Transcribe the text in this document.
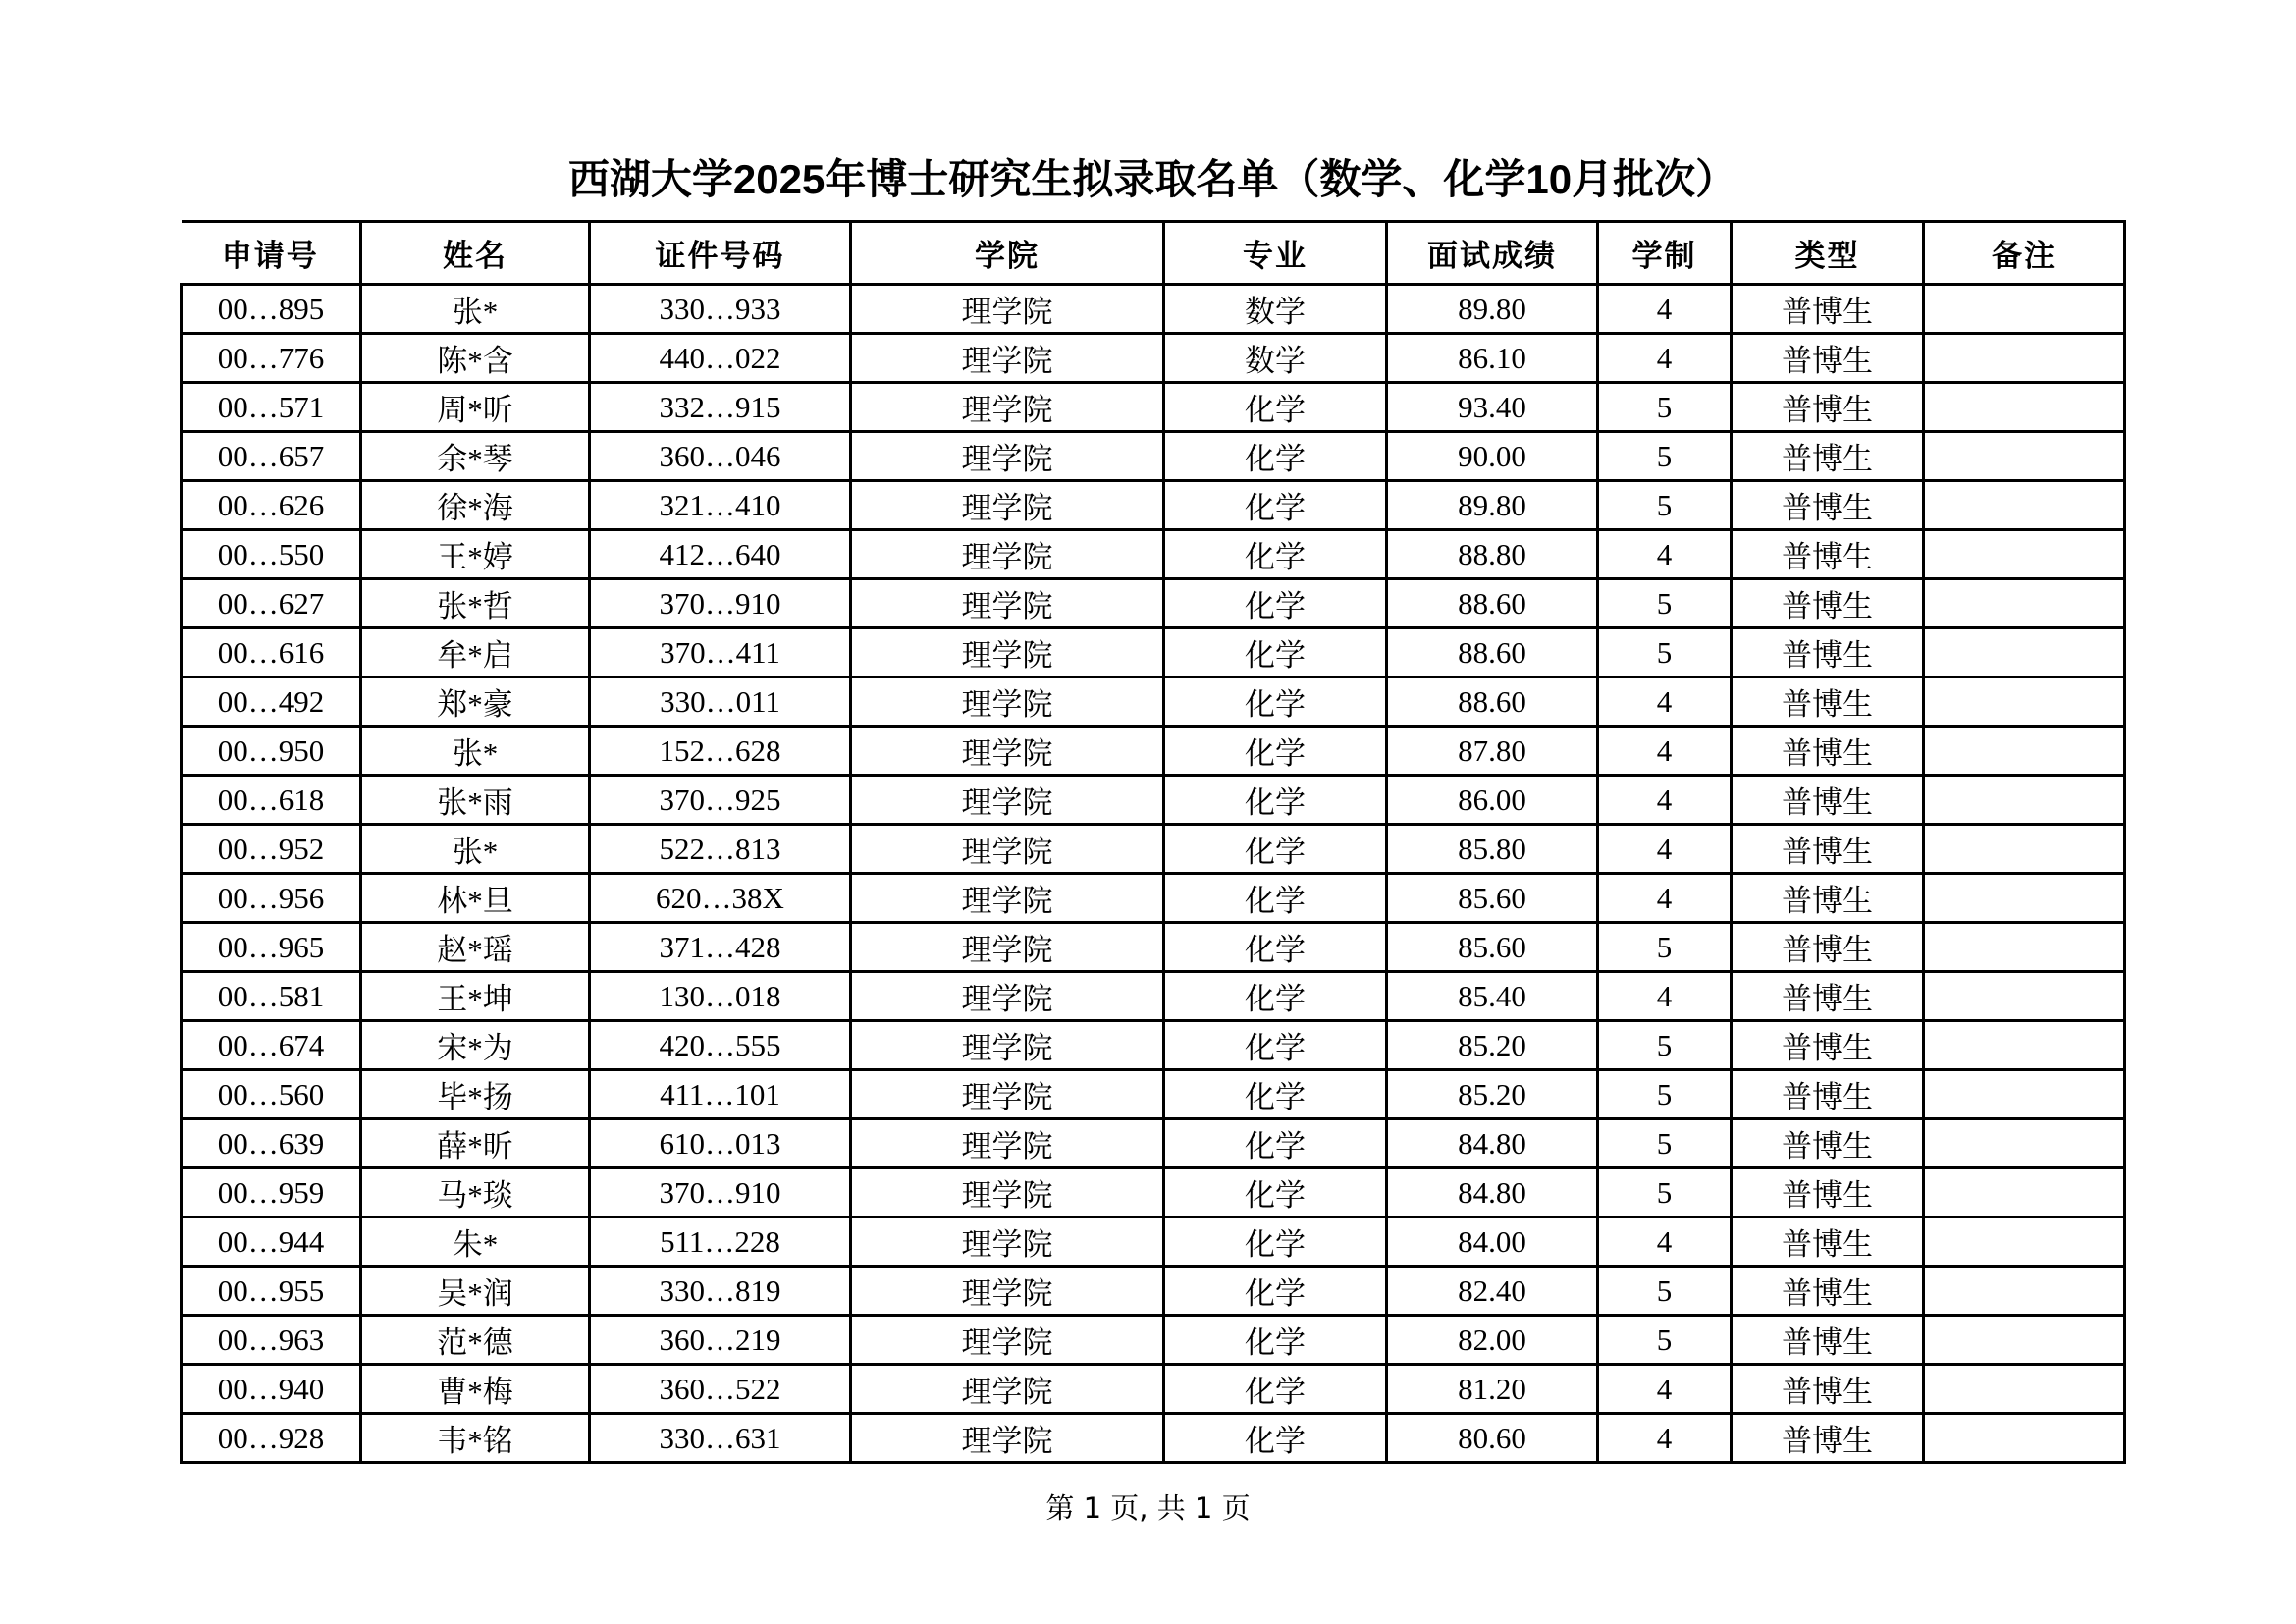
西湖大学2025年博士研究生拟录取名单（数学、化学10月批次）
申请号	姓名	证件号码	学院	专业	面试成绩	学制	类型	备注
00…895	张*	330…933	理学院	数学	89.80	4	普博生	
00…776	陈*含	440…022	理学院	数学	86.10	4	普博生	
00…571	周*昕	332…915	理学院	化学	93.40	5	普博生	
00…657	余*琴	360…046	理学院	化学	90.00	5	普博生	
00…626	徐*海	321…410	理学院	化学	89.80	5	普博生	
00…550	王*婷	412…640	理学院	化学	88.80	4	普博生	
00…627	张*哲	370…910	理学院	化学	88.60	5	普博生	
00…616	牟*启	370…411	理学院	化学	88.60	5	普博生	
00…492	郑*豪	330…011	理学院	化学	88.60	4	普博生	
00…950	张*	152…628	理学院	化学	87.80	4	普博生	
00…618	张*雨	370…925	理学院	化学	86.00	4	普博生	
00…952	张*	522…813	理学院	化学	85.80	4	普博生	
00…956	林*旦	620…38X	理学院	化学	85.60	4	普博生	
00…965	赵*瑶	371…428	理学院	化学	85.60	5	普博生	
00…581	王*坤	130…018	理学院	化学	85.40	4	普博生	
00…674	宋*为	420…555	理学院	化学	85.20	5	普博生	
00…560	毕*扬	411…101	理学院	化学	85.20	5	普博生	
00…639	薛*昕	610…013	理学院	化学	84.80	5	普博生	
00…959	马*琰	370…910	理学院	化学	84.80	5	普博生	
00…944	朱*	511…228	理学院	化学	84.00	4	普博生	
00…955	吴*润	330…819	理学院	化学	82.40	5	普博生	
00…963	范*德	360…219	理学院	化学	82.00	5	普博生	
00…940	曹*梅	360…522	理学院	化学	81.20	4	普博生	
00…928	韦*铭	330…631	理学院	化学	80.60	4	普博生	
第 1 页, 共 1 页
